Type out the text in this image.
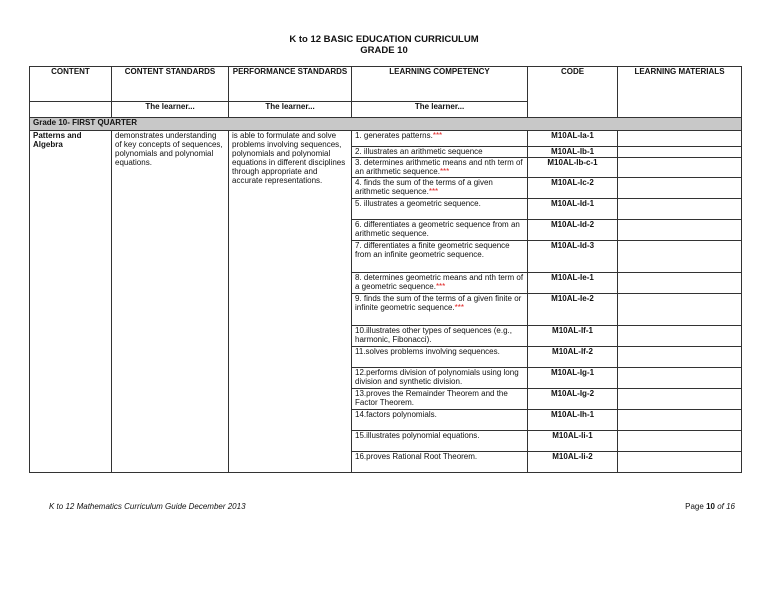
K to 12 BASIC EDUCATION CURRICULUM
GRADE 10
CONTENT	CONTENT STANDARDS	PERFORMANCE STANDARDS	LEARNING COMPETENCY	CODE	LEARNING MATERIALS
	The learner...	The learner...	The learner...		
Grade 10- FIRST QUARTER					
Patterns and Algebra	demonstrates understanding of key concepts of sequences, polynomials and polynomial equations.	is able to formulate and solve problems involving sequences, polynomials and polynomial equations in different disciplines through appropriate and accurate representations.	1. generates patterns.***	M10AL-Ia-1	
			2. illustrates an arithmetic sequence	M10AL-Ib-1	
			3. determines arithmetic means and nth term of an arithmetic sequence.***	M10AL-Ib-c-1	
			4. finds the sum of the terms of a given arithmetic sequence.***	M10AL-Ic-2	
			5. illustrates a geometric sequence.	M10AL-Id-1	
			6. differentiates a geometric sequence from an arithmetic sequence.	M10AL-Id-2	
			7. differentiates a finite geometric sequence from an infinite geometric sequence.	M10AL-Id-3	
			8. determines geometric means and nth term of a geometric sequence.***	M10AL-Ie-1	
			9. finds the sum of the terms of a given finite or infinite geometric sequence.***	M10AL-Ie-2	
			10.illustrates other types of sequences (e.g., harmonic, Fibonacci).	M10AL-If-1	
			11.solves problems involving sequences.	M10AL-If-2	
			12.performs division of polynomials using long division and synthetic division.	M10AL-Ig-1	
			13.proves the Remainder Theorem and the Factor Theorem.	M10AL-Ig-2	
			14.factors polynomials.	M10AL-Ih-1	
			15.illustrates polynomial equations.	M10AL-Ii-1	
			16.proves Rational Root Theorem.	M10AL-Ii-2	
K to 12 Mathematics Curriculum Guide December 2013	Page 10 of 16
